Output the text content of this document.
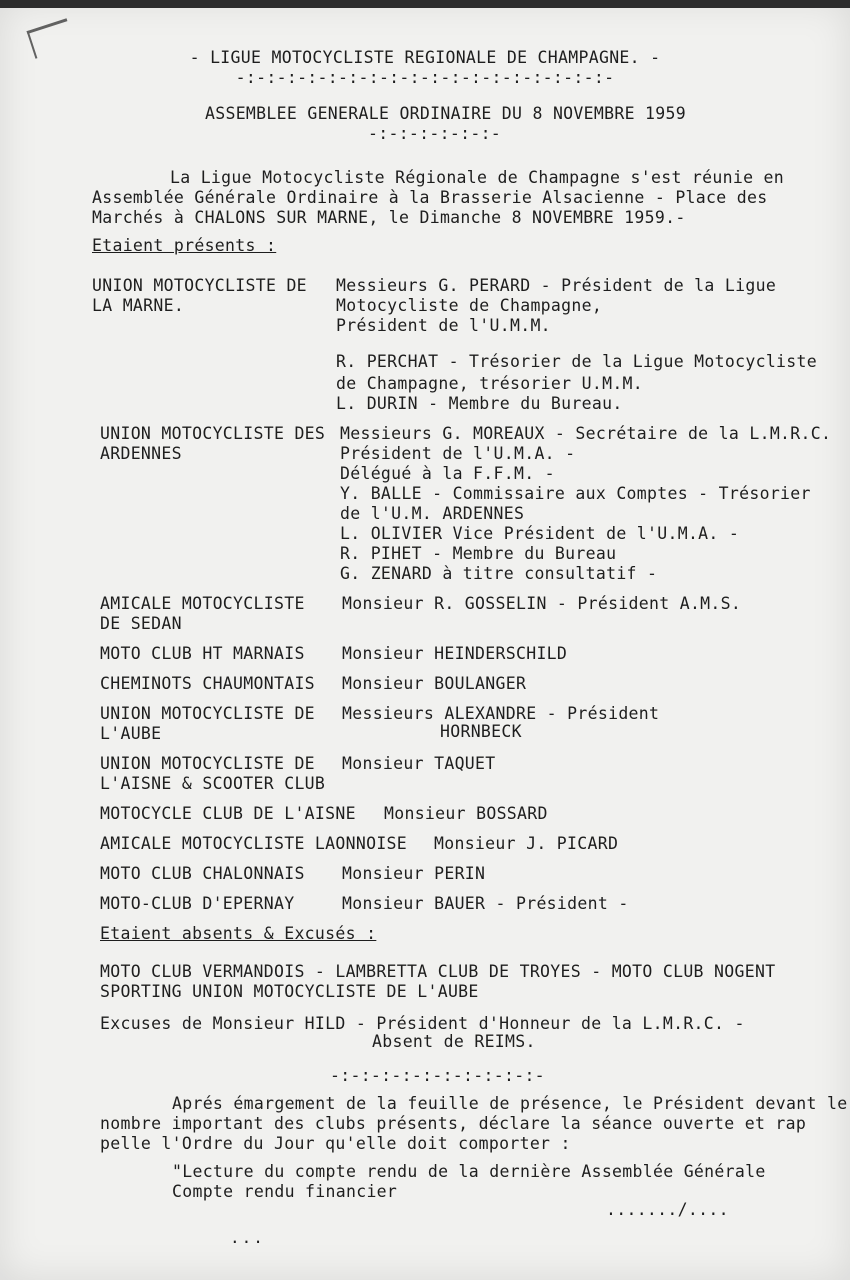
- LIGUE MOTOCYCLISTE REGIONALE DE CHAMPAGNE. -
-:-:-:-:-:-:-:-:-:-:-:-:-:-:-:-:-:-:-
ASSEMBLEE GENERALE ORDINAIRE DU 8 NOVEMBRE 1959
-:-:-:-:-:-:-
La Ligue Motocycliste Régionale de Champagne s'est réunie en
Assemblée Générale Ordinaire à la Brasserie Alsacienne - Place des
Marchés à CHALONS SUR MARNE, le Dimanche 8 NOVEMBRE 1959.-
Etaient présents :
UNION MOTOCYCLISTE DE
LA MARNE.
Messieurs G. PERARD - Président de la Ligue
Motocycliste de Champagne,
Président de l'U.M.M.
R. PERCHAT - Trésorier de la Ligue Motocycliste
de Champagne, trésorier U.M.M.
L. DURIN - Membre du Bureau.
UNION MOTOCYCLISTE DES
ARDENNES
Messieurs G. MOREAUX - Secrétaire de la L.M.R.C.
Président de l'U.M.A. -
Délégué à la F.F.M. -
Y. BALLE - Commissaire aux Comptes - Trésorier
de l'U.M. ARDENNES
L. OLIVIER Vice Président de l'U.M.A. -
R. PIHET - Membre du Bureau
G. ZENARD à titre consultatif -
AMICALE MOTOCYCLISTE
DE SEDAN
Monsieur R. GOSSELIN - Président A.M.S.
MOTO CLUB HT MARNAIS Monsieur HEINDERSCHILD
CHEMINOTS CHAUMONTAIS Monsieur BOULANGER
UNION MOTOCYCLISTE DE
L'AUBE
Messieurs ALEXANDRE - Président
HORNBECK
UNION MOTOCYCLISTE DE
L'AISNE & SCOOTER CLUB
Monsieur TAQUET
MOTOCYCLE CLUB DE L'AISNE Monsieur BOSSARD
AMICALE MOTOCYCLISTE LAONNOISE Monsieur J. PICARD
MOTO CLUB CHALONNAIS Monsieur PERIN
MOTO-CLUB D'EPERNAY	Monsieur BAUER - Président -
Etaient absents & Excusés :
MOTO CLUB VERMANDOIS - LAMBRETTA CLUB DE TROYES - MOTO CLUB NOGENT
SPORTING UNION MOTOCYCLISTE DE L'AUBE
Excuses de Monsieur HILD - Président d'Honneur de la L.M.R.C. -
Absent de REIMS.
-:-:-:-:-:-:-:-:-:-:-
Aprés émargement de la feuille de présence, le Président devant le
nombre important des clubs présents, déclare la séance ouverte et rap
pelle l'Ordre du Jour qu'elle doit comporter :
"Lecture du compte rendu de la dernière Assemblée Générale
Compte rendu financier
......./....
...
